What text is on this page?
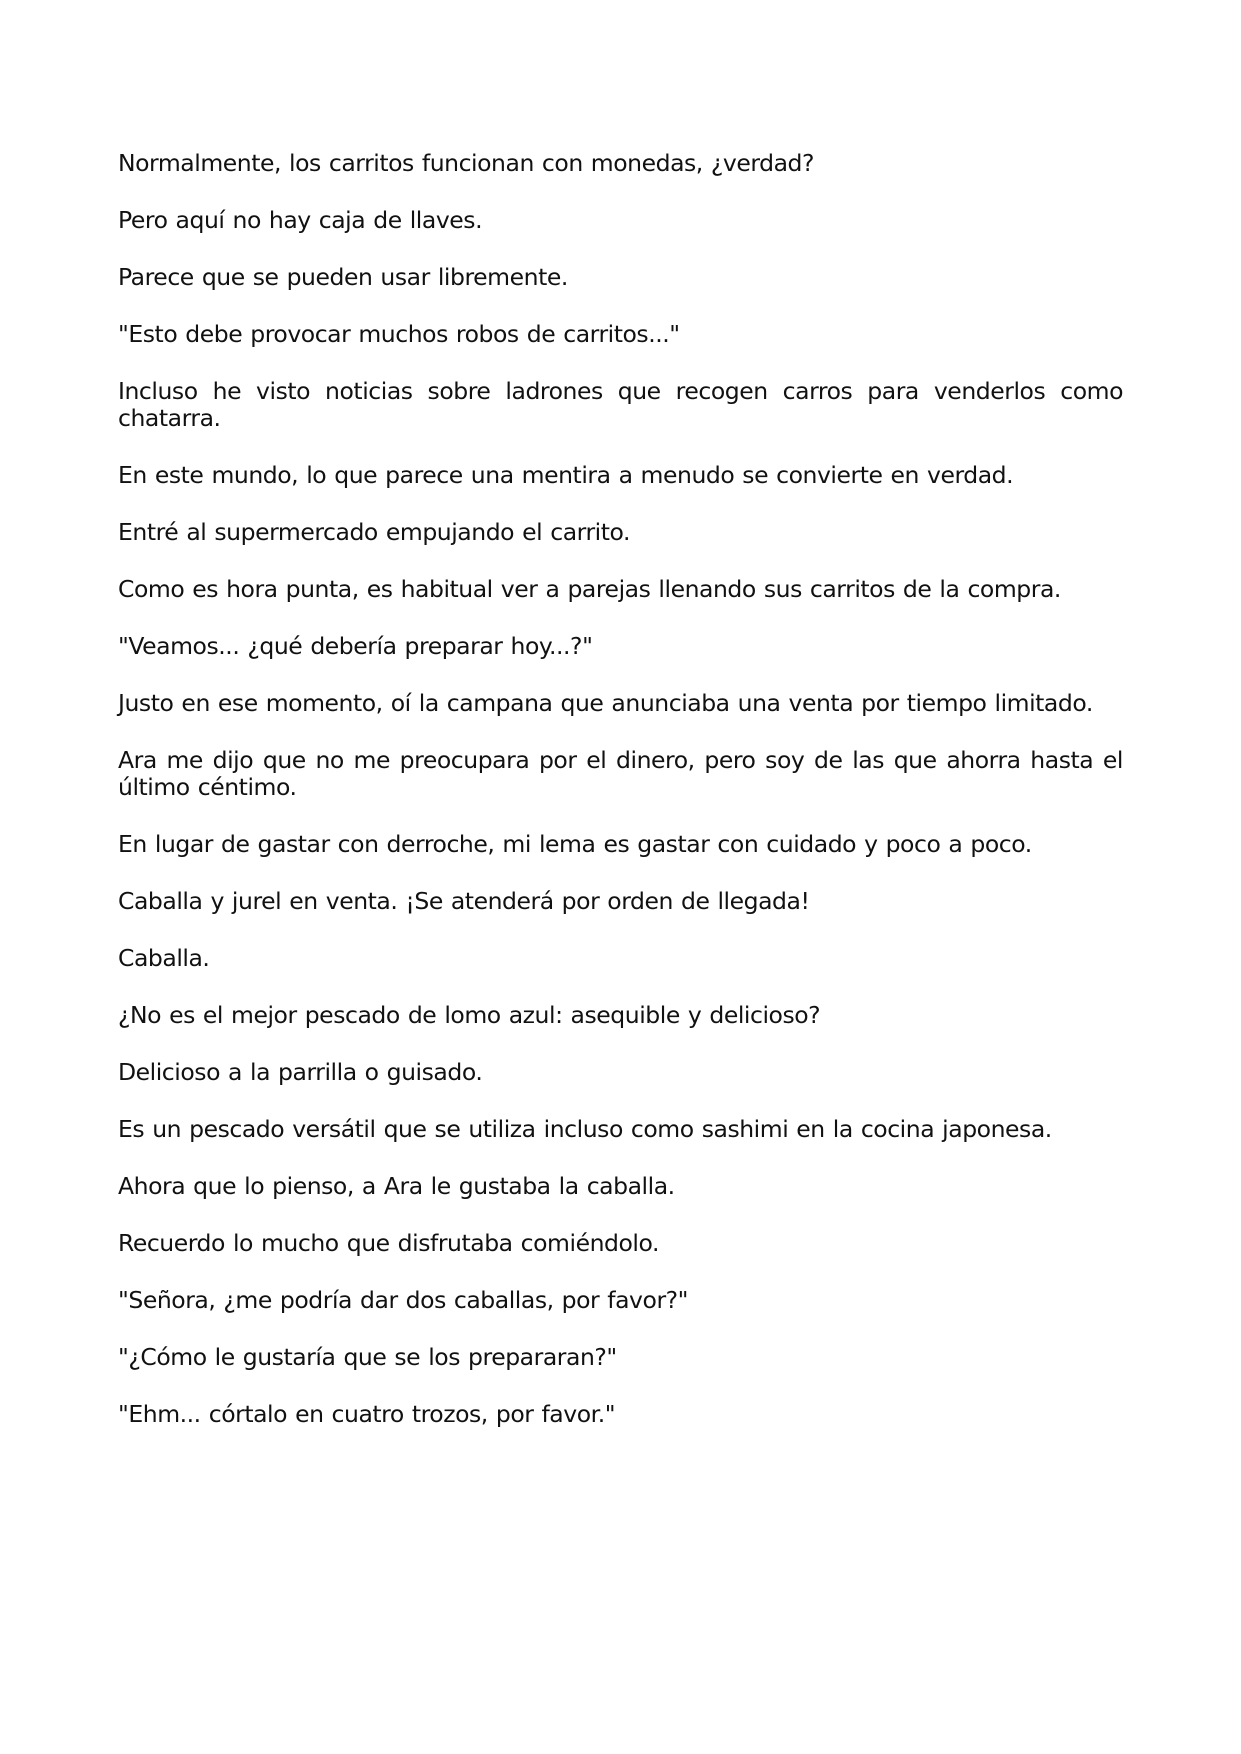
Normalmente, los carritos funcionan con monedas, ¿verdad?

Pero aquí no hay caja de llaves.

Parece que se pueden usar libremente.

"Esto debe provocar muchos robos de carritos..."

Incluso he visto noticias sobre ladrones que recogen carros para venderlos como chatarra.

En este mundo, lo que parece una mentira a menudo se convierte en verdad.

Entré al supermercado empujando el carrito.

Como es hora punta, es habitual ver a parejas llenando sus carritos de la compra.

"Veamos... ¿qué debería preparar hoy...?"

Justo en ese momento, oí la campana que anunciaba una venta por tiempo limitado.

Ara me dijo que no me preocupara por el dinero, pero soy de las que ahorra hasta el último céntimo.

En lugar de gastar con derroche, mi lema es gastar con cuidado y poco a poco.

Caballa y jurel en venta. ¡Se atenderá por orden de llegada!

Caballa.

¿No es el mejor pescado de lomo azul: asequible y delicioso?

Delicioso a la parrilla o guisado.

Es un pescado versátil que se utiliza incluso como sashimi en la cocina japonesa.

Ahora que lo pienso, a Ara le gustaba la caballa.

Recuerdo lo mucho que disfrutaba comiéndolo.

"Señora, ¿me podría dar dos caballas, por favor?"

"¿Cómo le gustaría que se los prepararan?"

"Ehm... córtalo en cuatro trozos, por favor."
